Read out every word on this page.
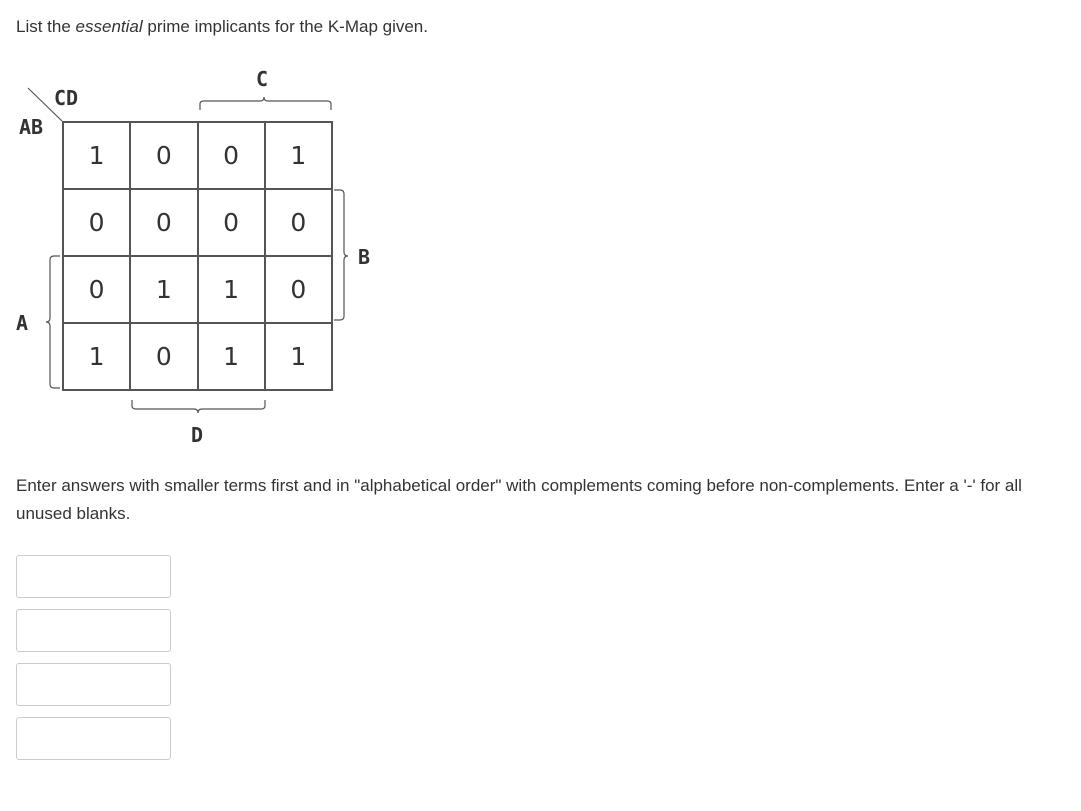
List the essential prime implicants for the K-Map given.
CD
AB
C
B
A
D
1	0	0	1
0	0	0	0
0	1	1	0
1	0	1	1
Enter answers with smaller terms first and in "alphabetical order" with complements coming before non-complements. Enter a '-' for all unused blanks.
